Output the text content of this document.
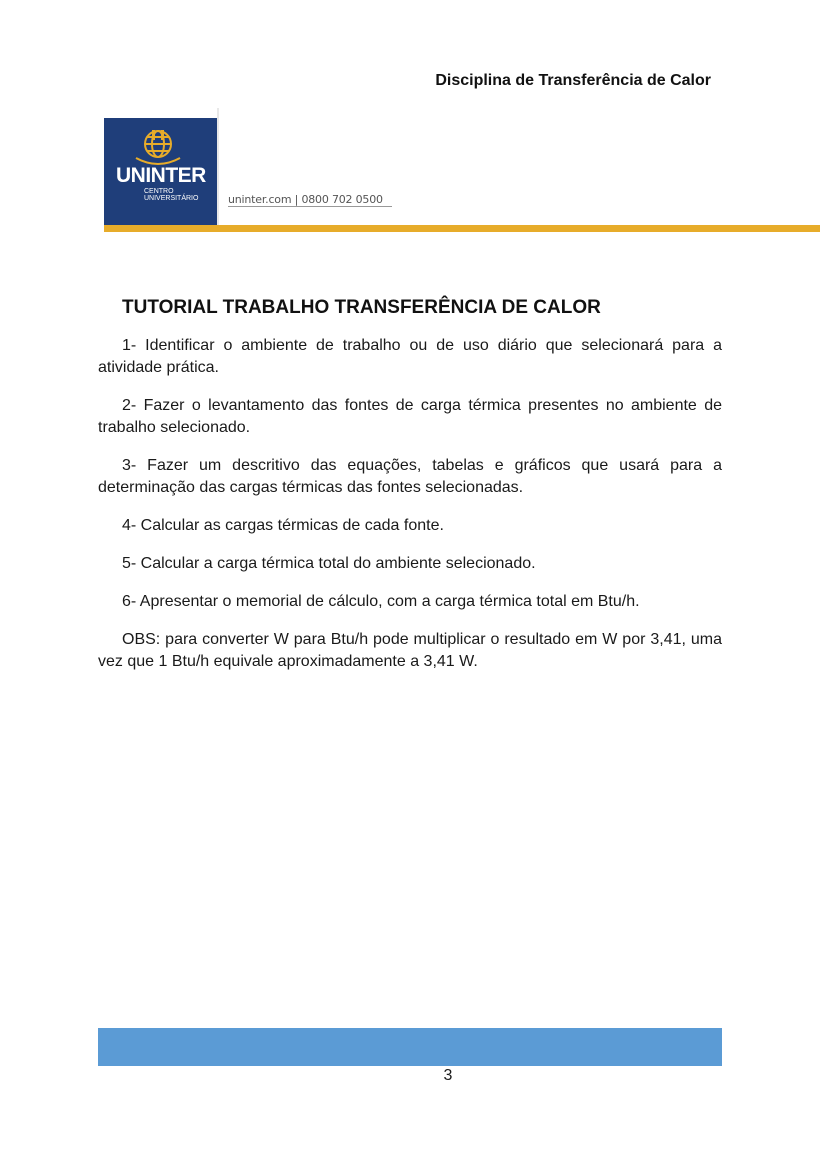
Disciplina de Transferência de Calor
UNINTER
CENTRO
UNIVERSITÁRIO	uninter.com | 0800 702 0500
TUTORIAL TRABALHO TRANSFERÊNCIA DE CALOR

1- Identificar o ambiente de trabalho ou de uso diário que selecionará para a atividade prática.

2- Fazer o levantamento das fontes de carga térmica presentes no ambiente de trabalho selecionado.

3- Fazer um descritivo das equações, tabelas e gráficos que usará para a determinação das cargas térmicas das fontes selecionadas.

4- Calcular as cargas térmicas de cada fonte.

5- Calcular a carga térmica total do ambiente selecionado.

6- Apresentar o memorial de cálculo, com a carga térmica total em Btu/h.

OBS: para converter W para Btu/h pode multiplicar o resultado em W por 3,41, uma vez que 1 Btu/h equivale aproximadamente a 3,41 W.

3
